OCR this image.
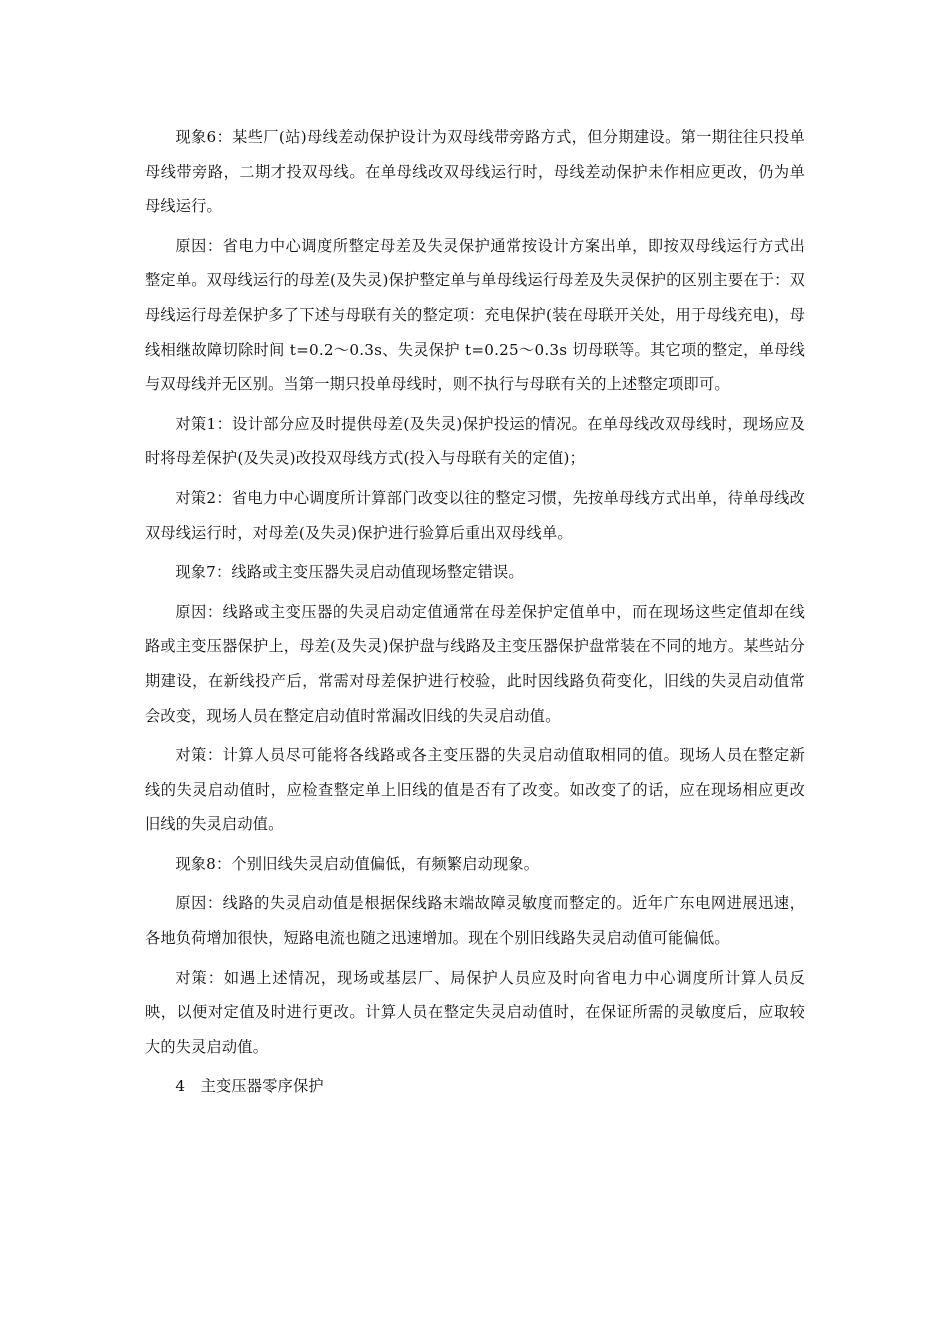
现象6：某些厂(站)母线差动保护设计为双母线带旁路方式，但分期建设。第一期往往只投单母线带旁路，二期才投双母线。在单母线改双母线运行时，母线差动保护未作相应更改，仍为单母线运行。

原因：省电力中心调度所整定母差及失灵保护通常按设计方案出单，即按双母线运行方式出整定单。双母线运行的母差(及失灵)保护整定单与单母线运行母差及失灵保护的区别主要在于：双母线运行母差保护多了下述与母联有关的整定项：充电保护(装在母联开关处，用于母线充电)，母线相继故障切除时间 t=0.2～0.3s、失灵保护 t=0.25～0.3s 切母联等。其它项的整定，单母线与双母线并无区别。当第一期只投单母线时，则不执行与母联有关的上述整定项即可。

对策1：设计部分应及时提供母差(及失灵)保护投运的情况。在单母线改双母线时，现场应及时将母差保护(及失灵)改投双母线方式(投入与母联有关的定值)；

对策2：省电力中心调度所计算部门改变以往的整定习惯，先按单母线方式出单，待单母线改双母线运行时，对母差(及失灵)保护进行验算后重出双母线单。

现象7：线路或主变压器失灵启动值现场整定错误。

原因：线路或主变压器的失灵启动定值通常在母差保护定值单中，而在现场这些定值却在线路或主变压器保护上，母差(及失灵)保护盘与线路及主变压器保护盘常装在不同的地方。某些站分期建设，在新线投产后，常需对母差保护进行校验，此时因线路负荷变化，旧线的失灵启动值常会改变，现场人员在整定启动值时常漏改旧线的失灵启动值。

对策：计算人员尽可能将各线路或各主变压器的失灵启动值取相同的值。现场人员在整定新线的失灵启动值时，应检查整定单上旧线的值是否有了改变。如改变了的话，应在现场相应更改旧线的失灵启动值。

现象8：个别旧线失灵启动值偏低，有频繁启动现象。

原因：线路的失灵启动值是根据保线路末端故障灵敏度而整定的。近年广东电网进展迅速，各地负荷增加很快，短路电流也随之迅速增加。现在个别旧线路失灵启动值可能偏低。

对策：如遇上述情况，现场或基层厂、局保护人员应及时向省电力中心调度所计算人员反映，以便对定值及时进行更改。计算人员在整定失灵启动值时，在保证所需的灵敏度后，应取较大的失灵启动值。

4　主变压器零序保护
